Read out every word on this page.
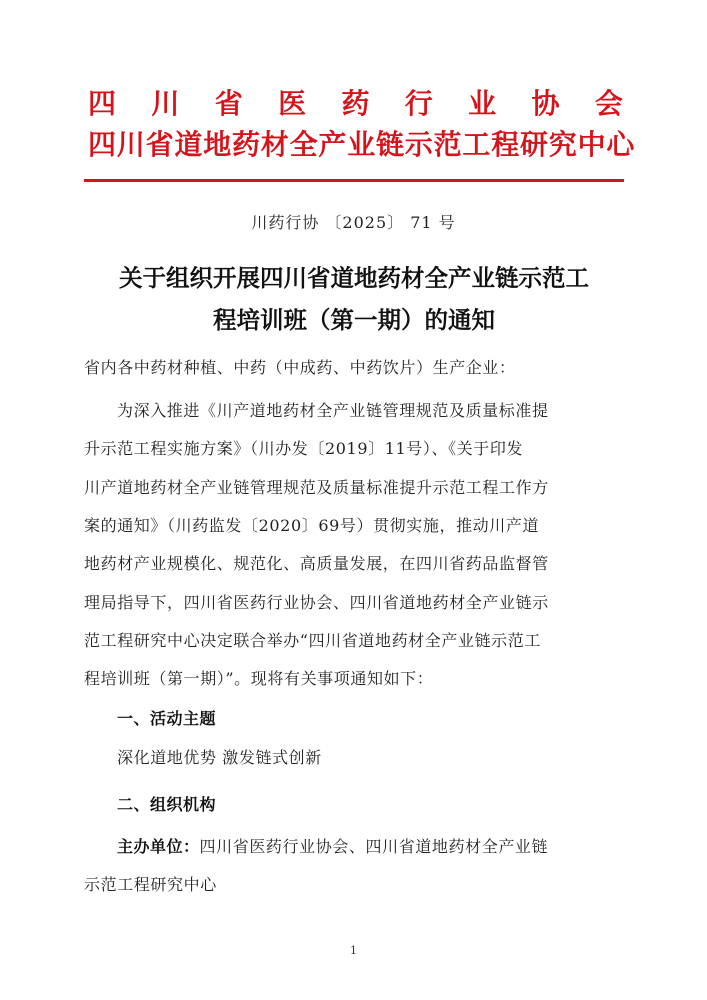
四 川 省 医 药 行 业 协 会
四川省道地药材全产业链示范工程研究中心
川药行协 〔2025〕 71 号
关于组织开展四川省道地药材全产业链示范工
程培训班（第一期）的通知
省内各中药材种植、中药（中成药、中药饮片）生产企业：
为深入推进《川产道地药材全产业链管理规范及质量标准提
升示范工程实施方案》（川办发〔2019〕11号）、《关于印发
川产道地药材全产业链管理规范及质量标准提升示范工程工作方
案的通知》（川药监发〔2020〕69号）贯彻实施，推动川产道
地药材产业规模化、规范化、高质量发展，在四川省药品监督管
理局指导下，四川省医药行业协会、四川省道地药材全产业链示
范工程研究中心决定联合举办“四川省道地药材全产业链示范工
程培训班（第一期）”。现将有关事项通知如下：
一、活动主题
深化道地优势 激发链式创新
二、组织机构
主办单位：四川省医药行业协会、四川省道地药材全产业链
示范工程研究中心
1
